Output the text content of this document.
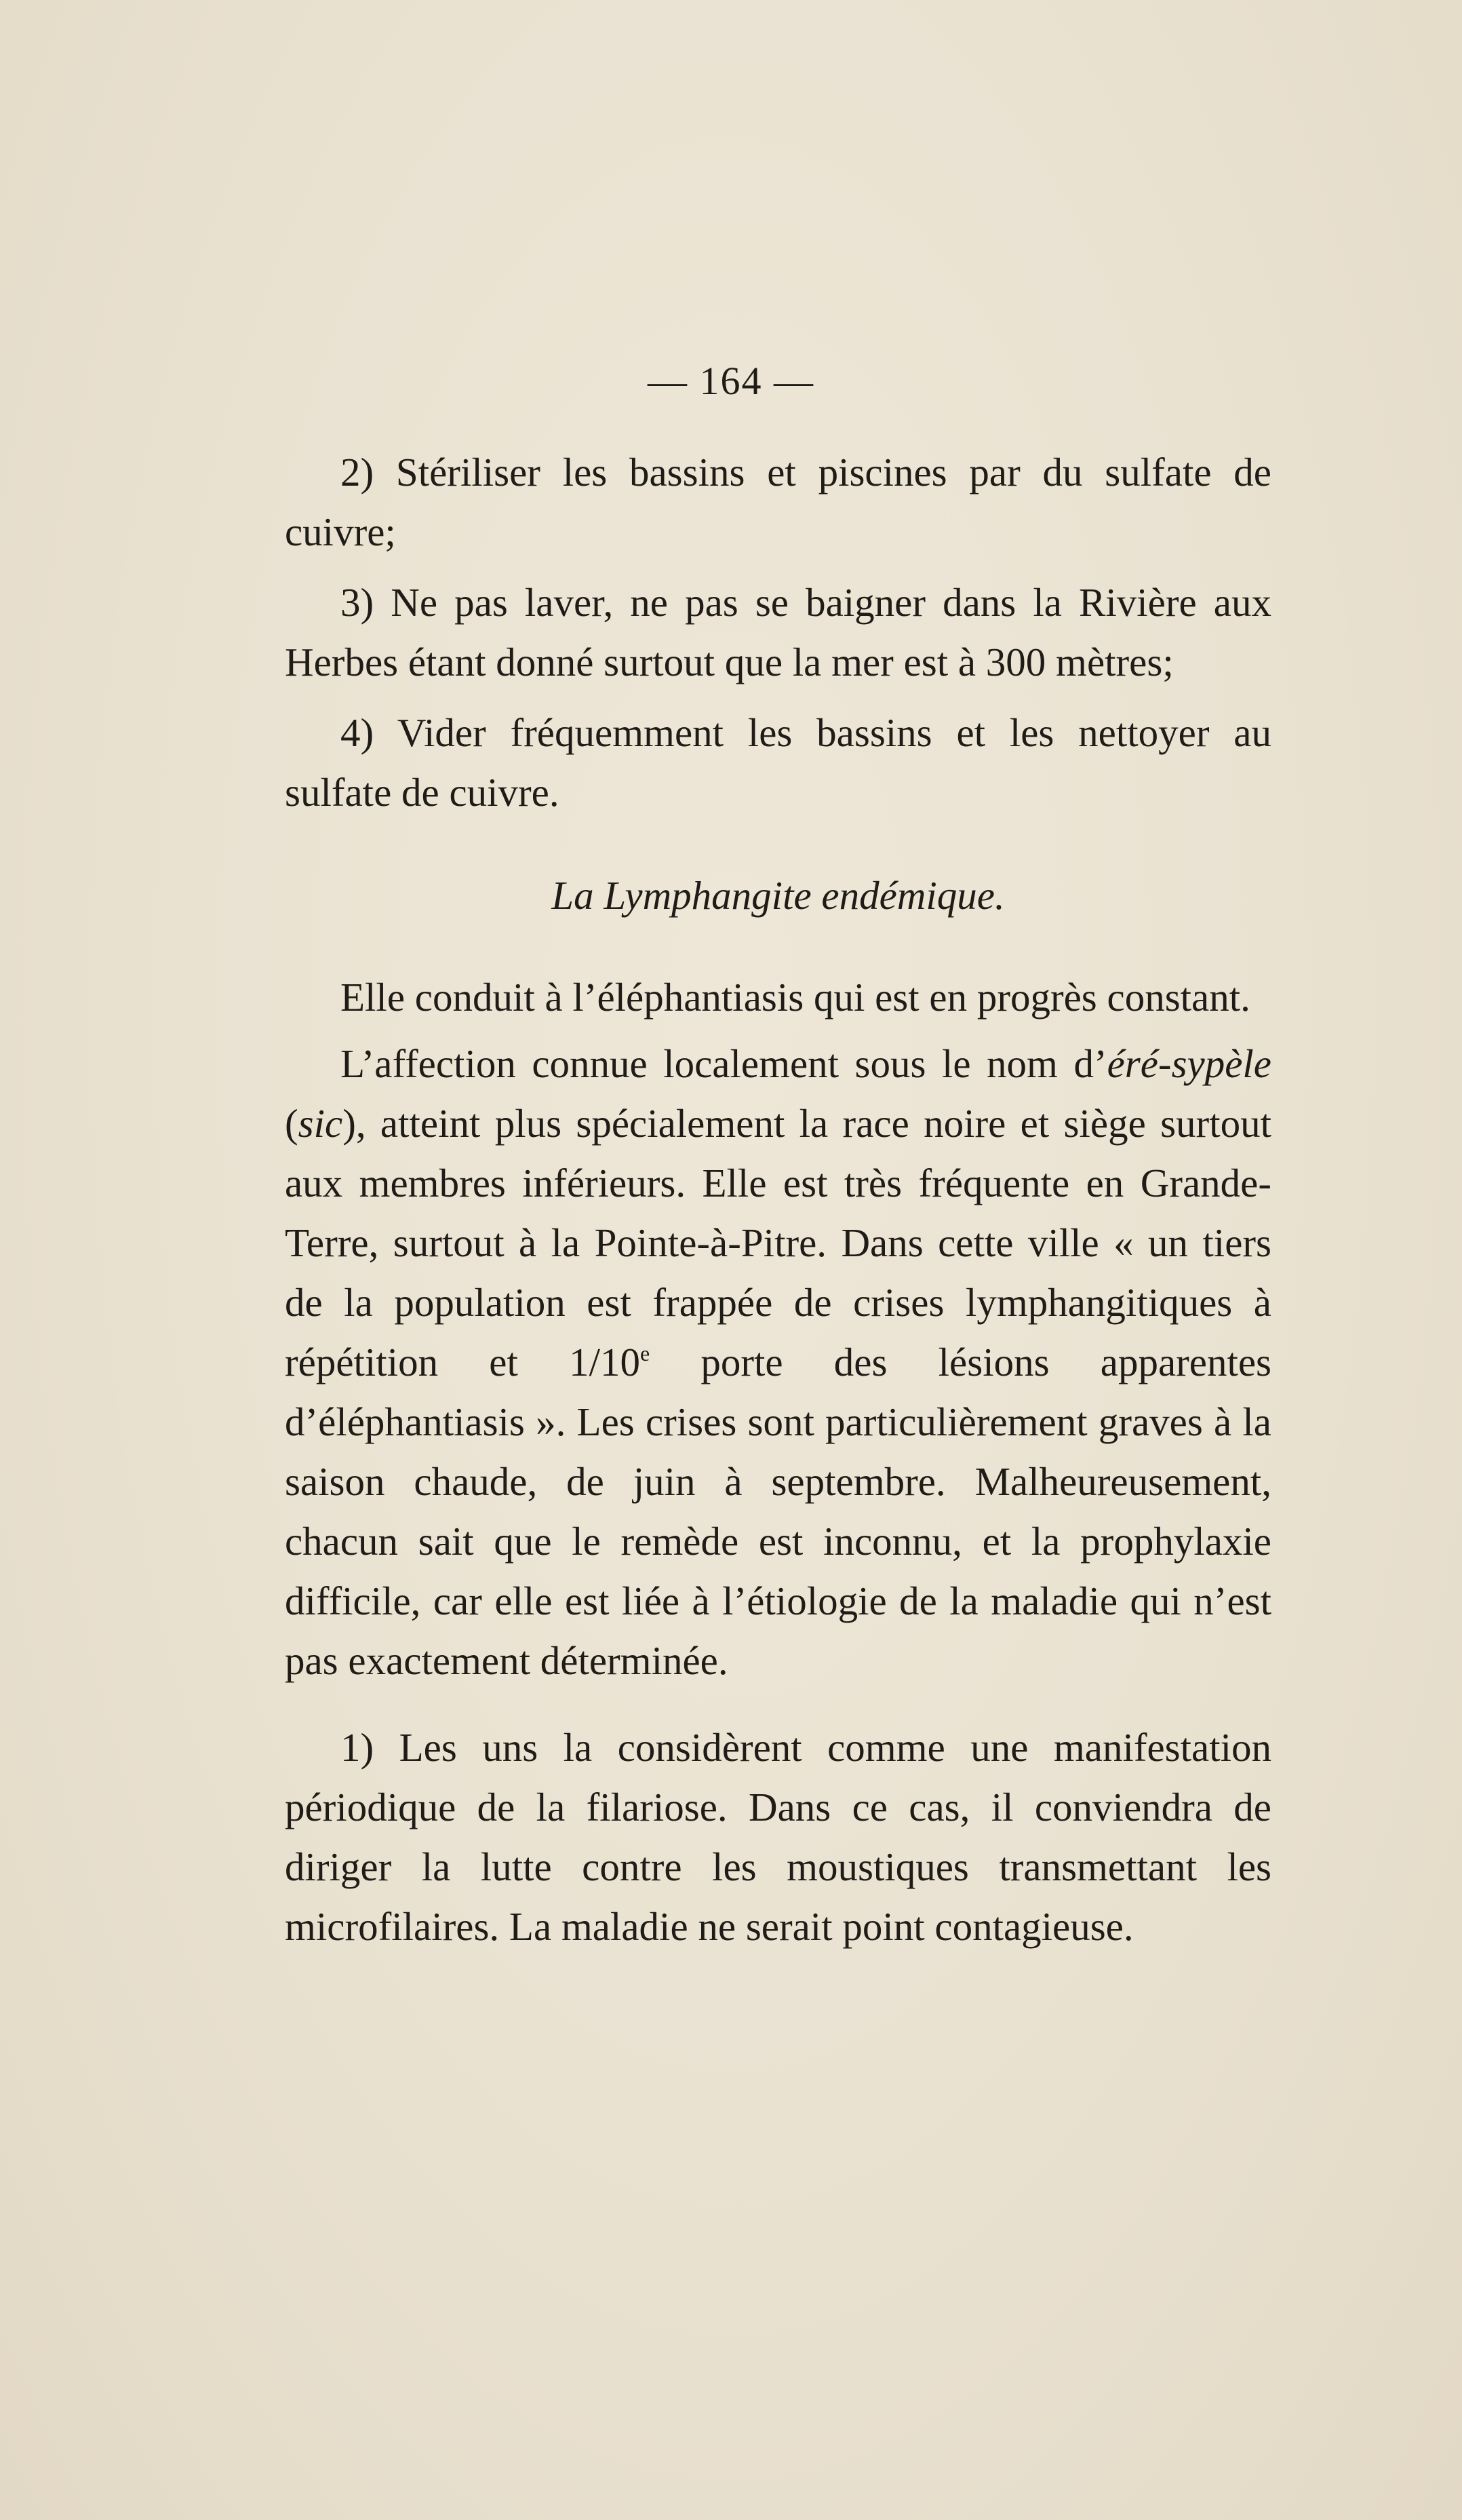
— 164 —

2) Stériliser les bassins et piscines par du sulfate de cuivre;

3) Ne pas laver, ne pas se baigner dans la Rivière aux Herbes étant donné surtout que la mer est à 300 mètres;

4) Vider fréquemment les bassins et les nettoyer au sulfate de cuivre.

La Lymphangite endémique.

Elle conduit à l’éléphantiasis qui est en progrès constant.

L’affection connue localement sous le nom d’éré-sypèle (sic), atteint plus spécialement la race noire et siège surtout aux membres inférieurs. Elle est très fréquente en Grande-Terre, surtout à la Pointe-à-Pitre. Dans cette ville « un tiers de la population est frappée de crises lymphangitiques à répétition et 1/10e porte des lésions apparentes d’éléphantiasis ». Les crises sont particulièrement graves à la saison chaude, de juin à septembre. Malheureusement, chacun sait que le remède est inconnu, et la prophylaxie difficile, car elle est liée à l’étiologie de la maladie qui n’est pas exactement déterminée.

1) Les uns la considèrent comme une manifestation périodique de la filariose. Dans ce cas, il conviendra de diriger la lutte contre les moustiques transmettant les microfilaires. La maladie ne serait point contagieuse.
